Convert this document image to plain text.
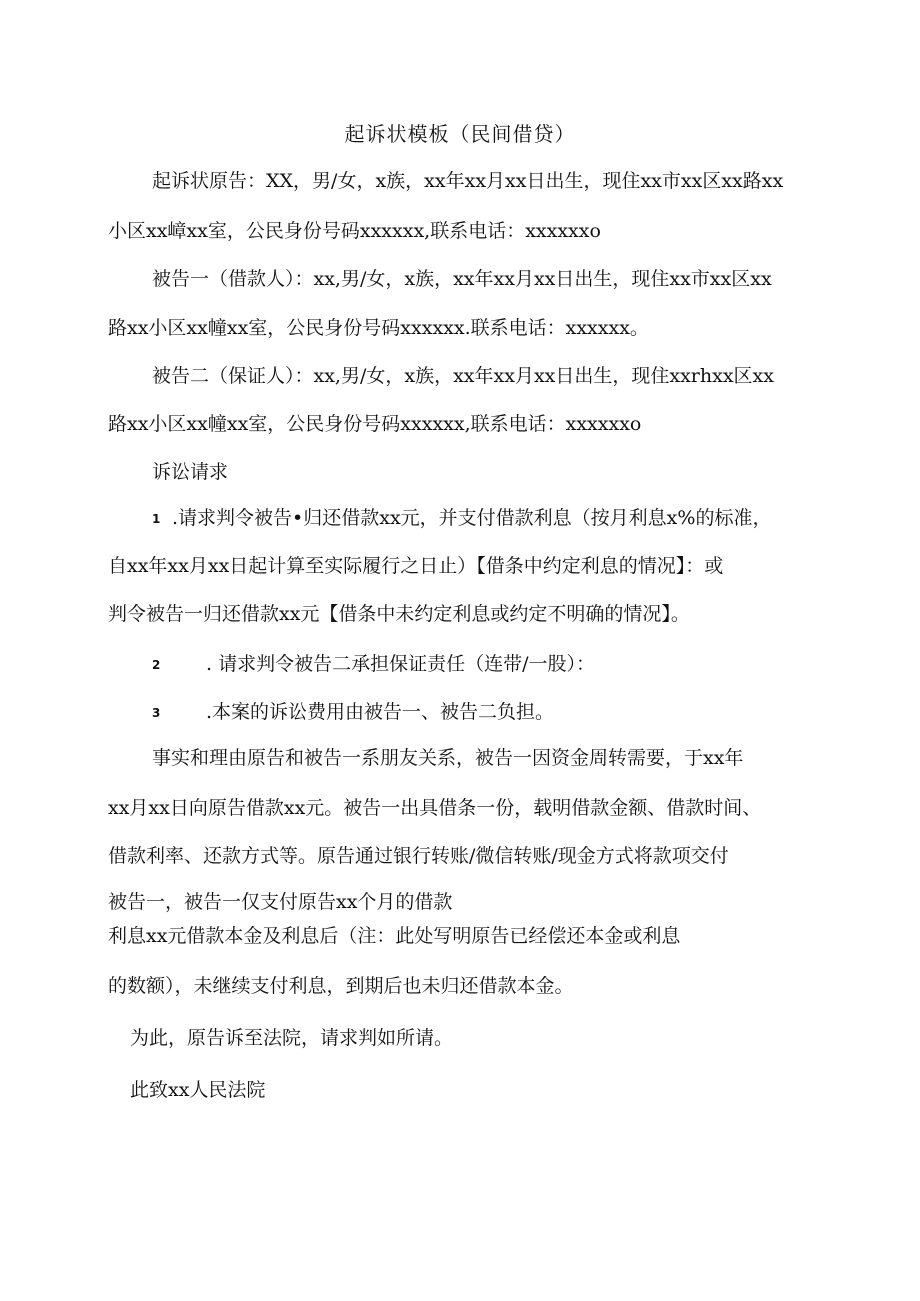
起诉状模板（民间借贷）
起诉状原告：XX，男/女，x族，xx年xx月xx日出生，现住xx市xx区xx路xx
小区xx嶂xx室，公民身份号码xxxxxx,联系电话：xxxxxxo
被告一（借款人）：xx,男/女，x族，xx年xx月xx日出生，现住xx市xx区xx
路xx小区xx幢xx室，公民身份号码xxxxxx.联系电话：xxxxxx。
被告二（保证人）：xx,男/女，x族，xx年xx月xx日出生，现住xxrhxx区xx
路xx小区xx幢xx室，公民身份号码xxxxxx,联系电话：xxxxxxo
诉讼请求
1 .请求判令被告•归还借款xx元，并支付借款利息（按月利息x%的标准，
自xx年xx月xx日起计算至实际履行之日止）【借条中约定利息的情况】：或
判令被告一归还借款xx元【借条中未约定利息或约定不明确的情况】。
2 . 请求判令被告二承担保证责任（连带/一股）：
3 .本案的诉讼费用由被告一、被告二负担。
事实和理由原告和被告一系朋友关系，被告一因资金周转需要，于xx年
xx月xx日向原告借款xx元。被告一出具借条一份，载明借款金额、借款时间、
借款利率、还款方式等。原告通过银行转账/微信转账/现金方式将款项交付
被告一，被告一仅支付原告xx个月的借款
利息xx元借款本金及利息后（注：此处写明原告已经偿还本金或利息
的数额），未继续支付利息，到期后也未归还借款本金。
为此，原告诉至法院，请求判如所请。
此致xx人民法院
